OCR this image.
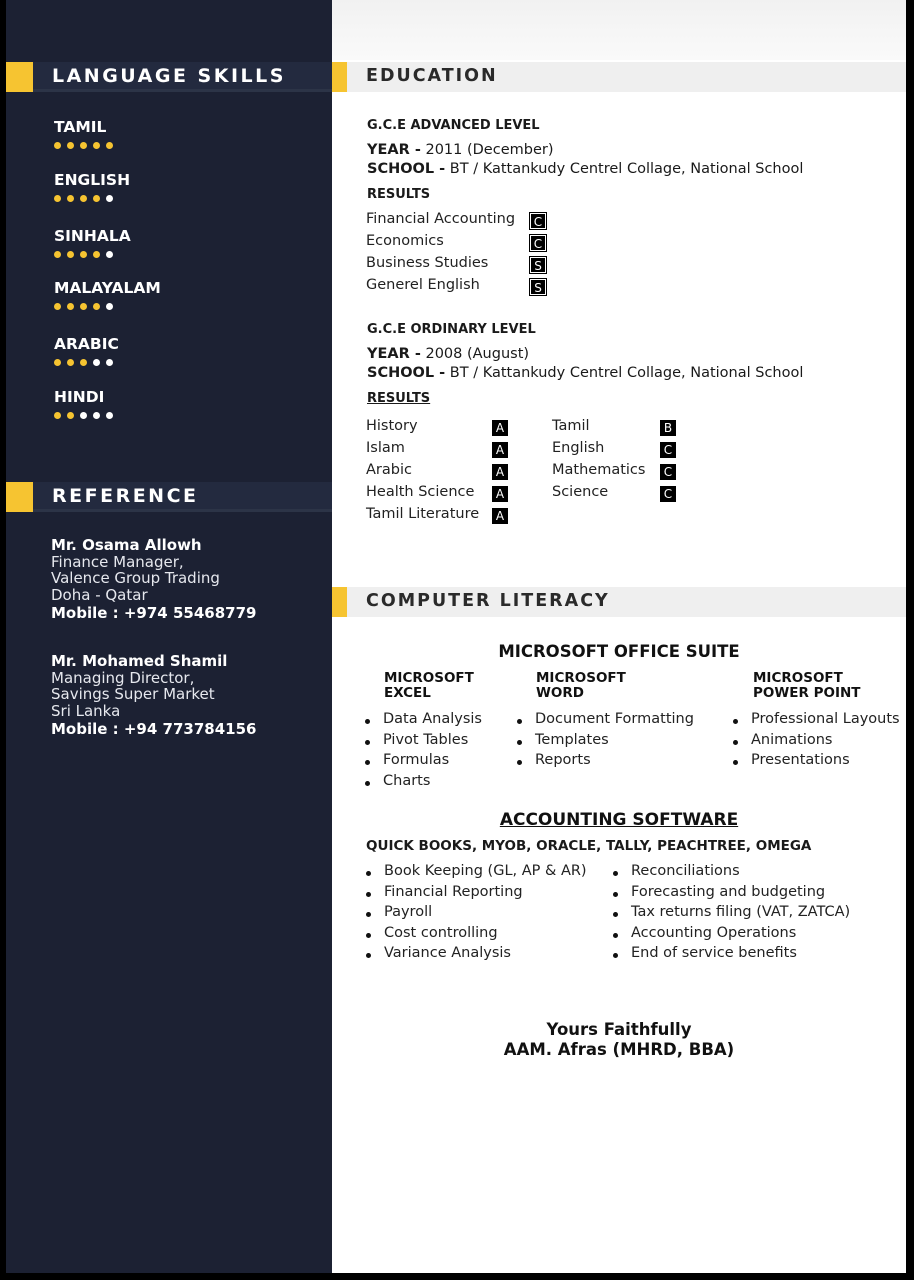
LANGUAGE SKILLS
TAMIL
ENGLISH
SINHALA
MALAYALAM
ARABIC
HINDI
REFERENCE
Mr. Osama Allowh
Finance Manager,
Valence Group Trading
Doha - Qatar
Mobile : +974 55468779
Mr. Mohamed Shamil
Managing Director,
Savings Super Market
Sri Lanka
Mobile : +94 773784156
EDUCATION
G.C.E ADVANCED LEVEL
YEAR - 2011 (December)
SCHOOL - BT / Kattankudy Centrel Collage, National School
RESULTS
Financial Accounting	C
Economics	C
Business Studies	S
Generel English	S
G.C.E ORDINARY LEVEL
YEAR - 2008 (August)
SCHOOL - BT / Kattankudy Centrel Collage, National School
RESULTS
History	A
Islam	A
Arabic	A
Health Science	A
Tamil Literature	A
Tamil	B
English	C
Mathematics	C
Science	C
COMPUTER LITERACY
MICROSOFT OFFICE SUITE
MICROSOFT
EXCEL
MICROSOFT
WORD
MICROSOFT
POWER POINT
Data Analysis
Pivot Tables
Formulas
Charts
Document Formatting
Templates
Reports
Professional Layouts
Animations
Presentations
ACCOUNTING SOFTWARE
QUICK BOOKS, MYOB, ORACLE, TALLY, PEACHTREE, OMEGA
Book Keeping (GL, AP & AR)
Financial Reporting
Payroll
Cost controlling
Variance Analysis
Reconciliations
Forecasting and budgeting
Tax returns filing (VAT, ZATCA)
Accounting Operations
End of service benefits
Yours Faithfully
AAM. Afras (MHRD, BBA)
